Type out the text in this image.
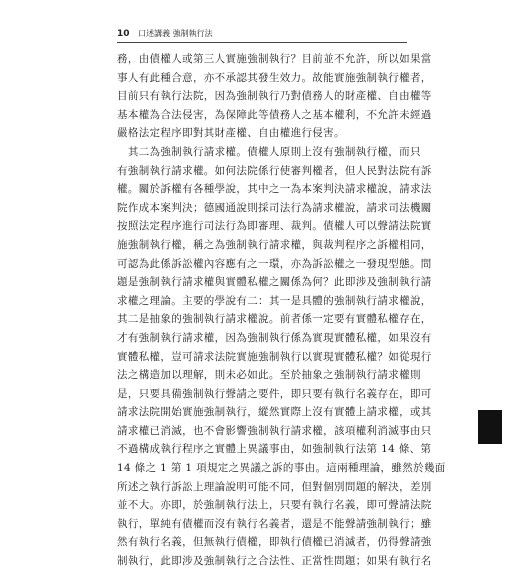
10 口述講義 強制執行法
務，由債權人或第三人實施強制執行？目前並不允許，所以如果當
事人有此種合意，亦不承認其發生效力。故能實施強制執行權者，
目前只有執行法院，因為強制執行乃對債務人的財產權、自由權等
基本權為合法侵害，為保障此等債務人之基本權利，不允許未經過
嚴格法定程序即對其財產權、自由權進行侵害。
　其二為強制執行請求權。債權人原則上沒有強制執行權，而只
有強制執行請求權。如何法院係行使審判權者，但人民對法院有訴
權。關於訴權有各種學說，其中之一為本案判決請求權說，請求法
院作成本案判決；德國通說則採司法行為請求權說，請求司法機關
按照法定程序進行司法行為即審理、裁判。債權人可以聲請法院實
施強制執行權，稱之為強制執行請求權，與裁判程序之訴權相同，
可認為此係訴訟權內容應有之一環，亦為訴訟權之一發現型態。問
題是強制執行請求權與實體私權之關係為何？此即涉及強制執行請
求權之理論。主要的學說有二：其一是具體的強制執行請求權說，
其二是抽象的強制執行請求權說。前者係一定要有實體私權存在，
才有強制執行請求權，因為強制執行係為實現實體私權，如果沒有
實體私權，豈可請求法院實施強制執行以實現實體私權？如從現行
法之構造加以理解，則未必如此。至於抽象之強制執行請求權則
是，只要具備強制執行聲請之要件，即只要有執行名義存在，即可
請求法院開始實施強制執行，縱然實際上沒有實體上請求權，或其
請求權已消滅，也不會影響強制執行請求權，該項權利消滅事由只
不過構成執行程序之實體上異議事由，如強制執行法第 14 條、第
14 條之 1 第 1 項規定之異議之訴的事由。這兩種理論，雖然於幾面
所述之執行訴訟上理論說明可能不同，但對個別問題的解決，差別
並不大。亦即，於強制執行法上，只要有執行名義，即可聲請法院
執行，單純有債權而沒有執行名義者，還是不能聲請強制執行；雖
然有執行名義，但無執行債權，即執行債權已消滅者，仍得聲請強
制執行，此即涉及強制執行之合法性、正當性問題；如果有執行名
